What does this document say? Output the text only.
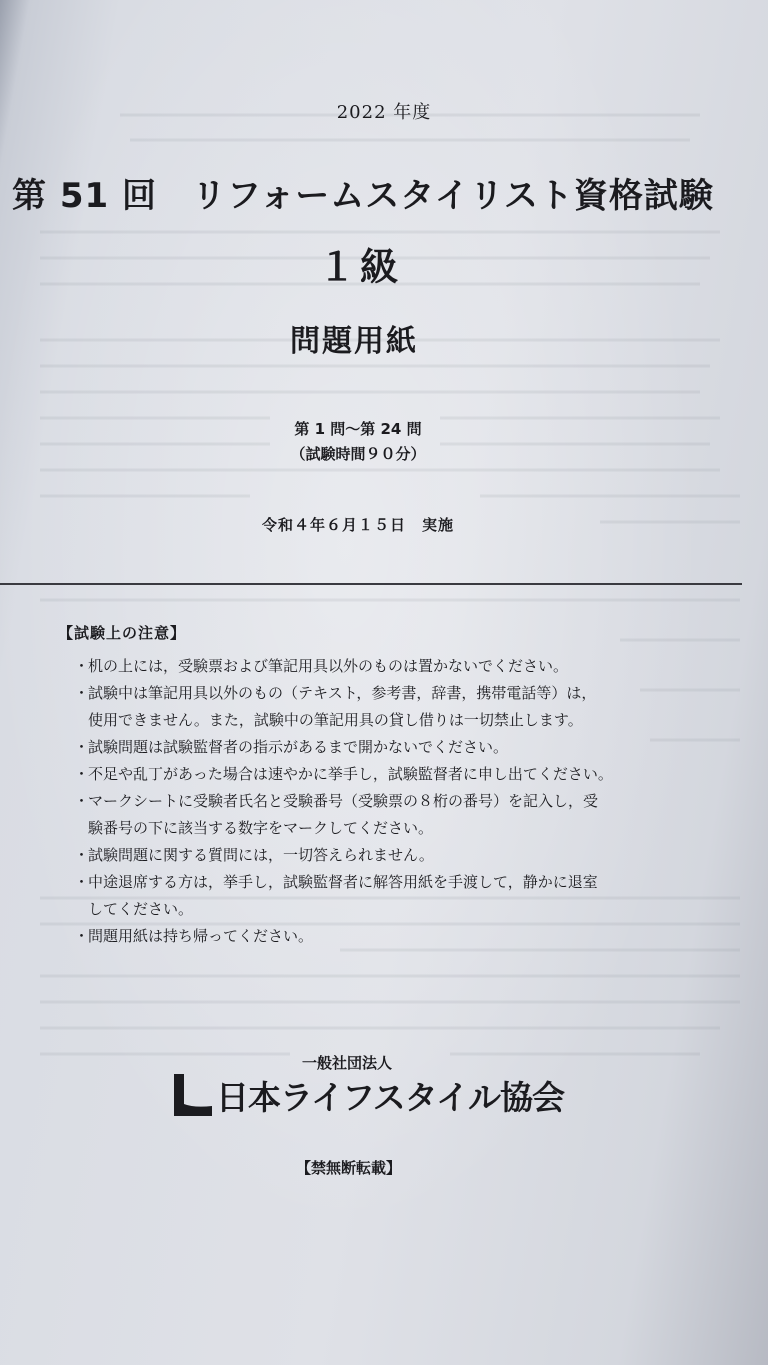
2022 年度
第 51 回　リフォームスタイリスト資格試験
１級
問題用紙
第 1 問〜第 24 問
（試験時間９０分）
令和４年６月１５日　実施
【試験上の注意】
・
机の上には，受験票および筆記用具以外のものは置かないでください。
・
試験中は筆記用具以外のもの（テキスト，参考書，辞書，携帯電話等）は，
使用できません。また，試験中の筆記用具の貸し借りは一切禁止します。
・
試験問題は試験監督者の指示があるまで開かないでください。
・
不足や乱丁があった場合は速やかに挙手し，試験監督者に申し出てください。
・
マークシートに受験者氏名と受験番号（受験票の８桁の番号）を記入し，受
験番号の下に該当する数字をマークしてください。
・
試験問題に関する質問には，一切答えられません。
・
中途退席する方は，挙手し，試験監督者に解答用紙を手渡して，静かに退室
してください。
・
問題用紙は持ち帰ってください。
一般社団法人
日本ライフスタイル協会
【禁無断転載】
